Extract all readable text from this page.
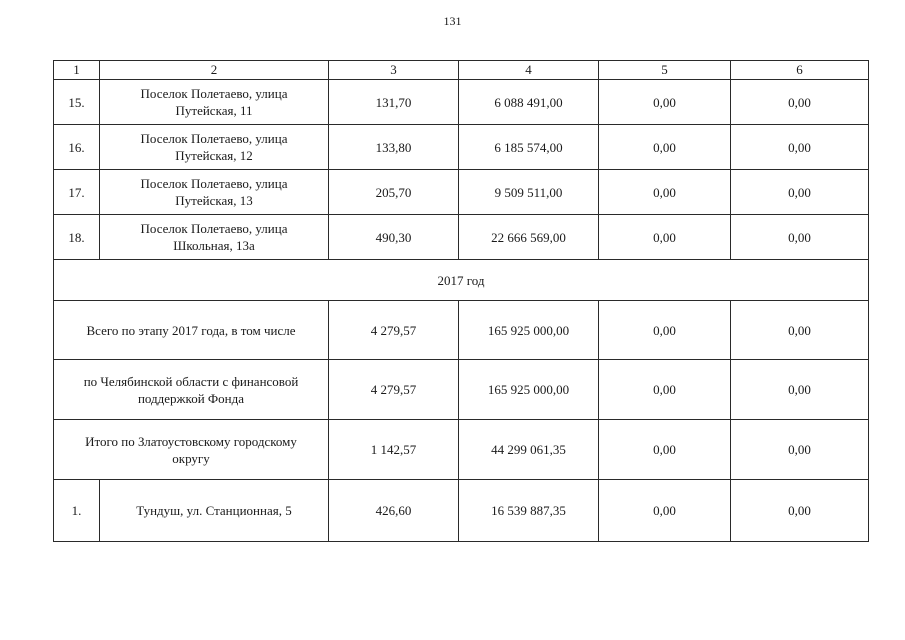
131
1	2	3	4	5	6
15.	Поселок Полетаево, улица
Путейская, 11	131,70	6 088 491,00	0,00	0,00
16.	Поселок Полетаево, улица
Путейская, 12	133,80	6 185 574,00	0,00	0,00
17.	Поселок Полетаево, улица
Путейская, 13	205,70	9 509 511,00	0,00	0,00
18.	Поселок Полетаево, улица
Школьная, 13а	490,30	22 666 569,00	0,00	0,00
2017 год					

Всего по этапу 2017 года, в том числе		4 279,57	165 925 000,00	0,00	0,00

по Челябинской области с финансовой
поддержкой Фонда		4 279,57	165 925 000,00	0,00	0,00

Итого по Златоустовскому городскому
округу		1 142,57	44 299 061,35	0,00	0,00
1.	Тундуш, ул. Станционная, 5	426,60	16 539 887,35	0,00	0,00
